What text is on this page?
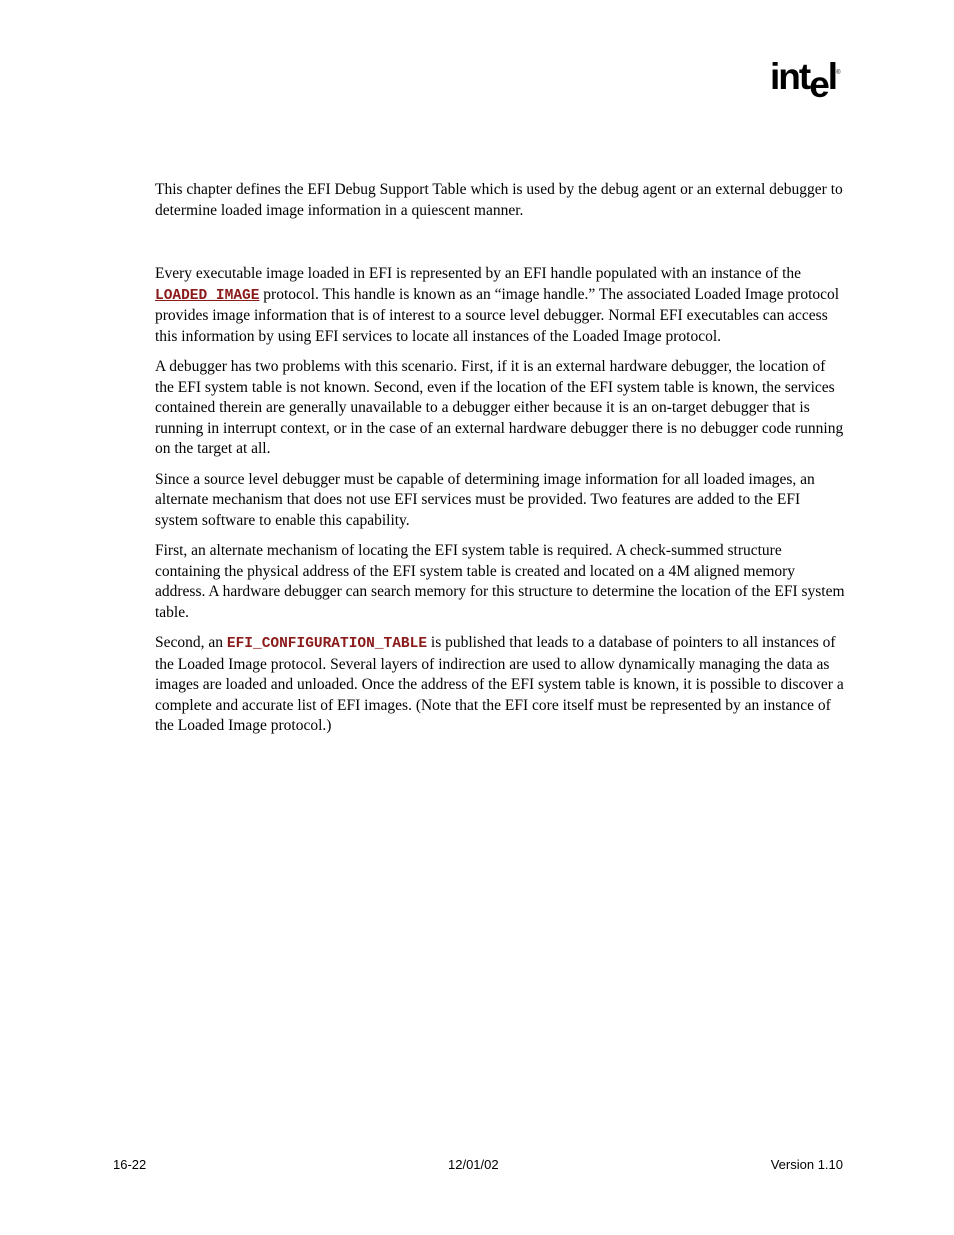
intel®

This chapter defines the EFI Debug Support Table which is used by the debug agent or an external debugger to determine loaded image information in a quiescent manner.

Every executable image loaded in EFI is represented by an EFI handle populated with an instance of the LOADED_IMAGE protocol. This handle is known as an “image handle.” The associated Loaded Image protocol provides image information that is of interest to a source level debugger. Normal EFI executables can access this information by using EFI services to locate all instances of the Loaded Image protocol.

A debugger has two problems with this scenario. First, if it is an external hardware debugger, the location of the EFI system table is not known. Second, even if the location of the EFI system table is known, the services contained therein are generally unavailable to a debugger either because it is an on-target debugger that is running in interrupt context, or in the case of an external hardware debugger there is no debugger code running on the target at all.

Since a source level debugger must be capable of determining image information for all loaded images, an alternate mechanism that does not use EFI services must be provided. Two features are added to the EFI system software to enable this capability.

First, an alternate mechanism of locating the EFI system table is required. A check-summed structure containing the physical address of the EFI system table is created and located on a 4M aligned memory address. A hardware debugger can search memory for this structure to determine the location of the EFI system table.

Second, an EFI_CONFIGURATION_TABLE is published that leads to a database of pointers to all instances of the Loaded Image protocol. Several layers of indirection are used to allow dynamically managing the data as images are loaded and unloaded. Once the address of the EFI system table is known, it is possible to discover a complete and accurate list of EFI images. (Note that the EFI core itself must be represented by an instance of the Loaded Image protocol.)

16-22	12/01/02	Version 1.10
